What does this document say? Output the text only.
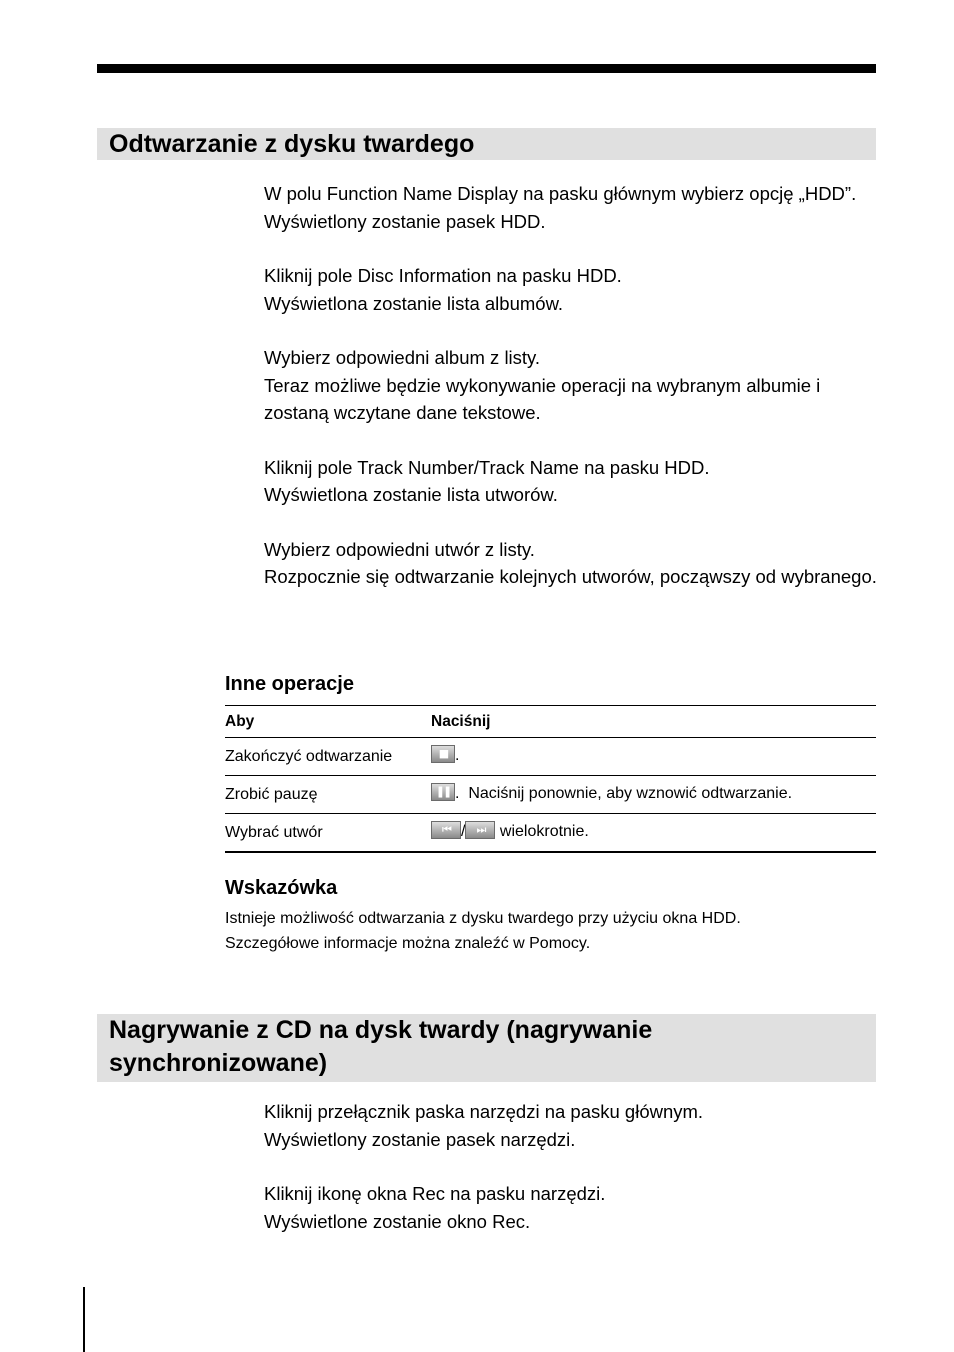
Odtwarzanie z dysku twardego

W polu Function Name Display na pasku głównym wybierz opcję „HDD”.

Wyświetlony zostanie pasek HDD.

Kliknij pole Disc Information na pasku HDD.

Wyświetlona zostanie lista albumów.

Wybierz odpowiedni album z listy.

Teraz możliwe będzie wykonywanie operacji na wybranym albumie i zostaną wczytane dane tekstowe.

Kliknij pole Track Number/Track Name na pasku HDD.

Wyświetlona zostanie lista utworów.

Wybierz odpowiedni utwór z listy.

Rozpocznie się odtwarzanie kolejnych utworów, począwszy od wybranego.

Inne operacje
Aby	Naciśnij
Zakończyć odtwarzanie	■ .
Zrobić pauzę	❚❚ .  Naciśnij ponownie, aby wznowić odtwarzanie.
Wybrać utwór	⏮ / ⏭ wielokrotnie.
Wskazówka

Istnieje możliwość odtwarzania z dysku twardego przy użyciu okna HDD.

Szczegółowe informacje można znaleźć w Pomocy.

Nagrywanie z CD na dysk twardy (nagrywanie
synchronizowane)

Kliknij przełącznik paska narzędzi na pasku głównym.

Wyświetlony zostanie pasek narzędzi.

Kliknij ikonę okna Rec na pasku narzędzi.

Wyświetlone zostanie okno Rec.
